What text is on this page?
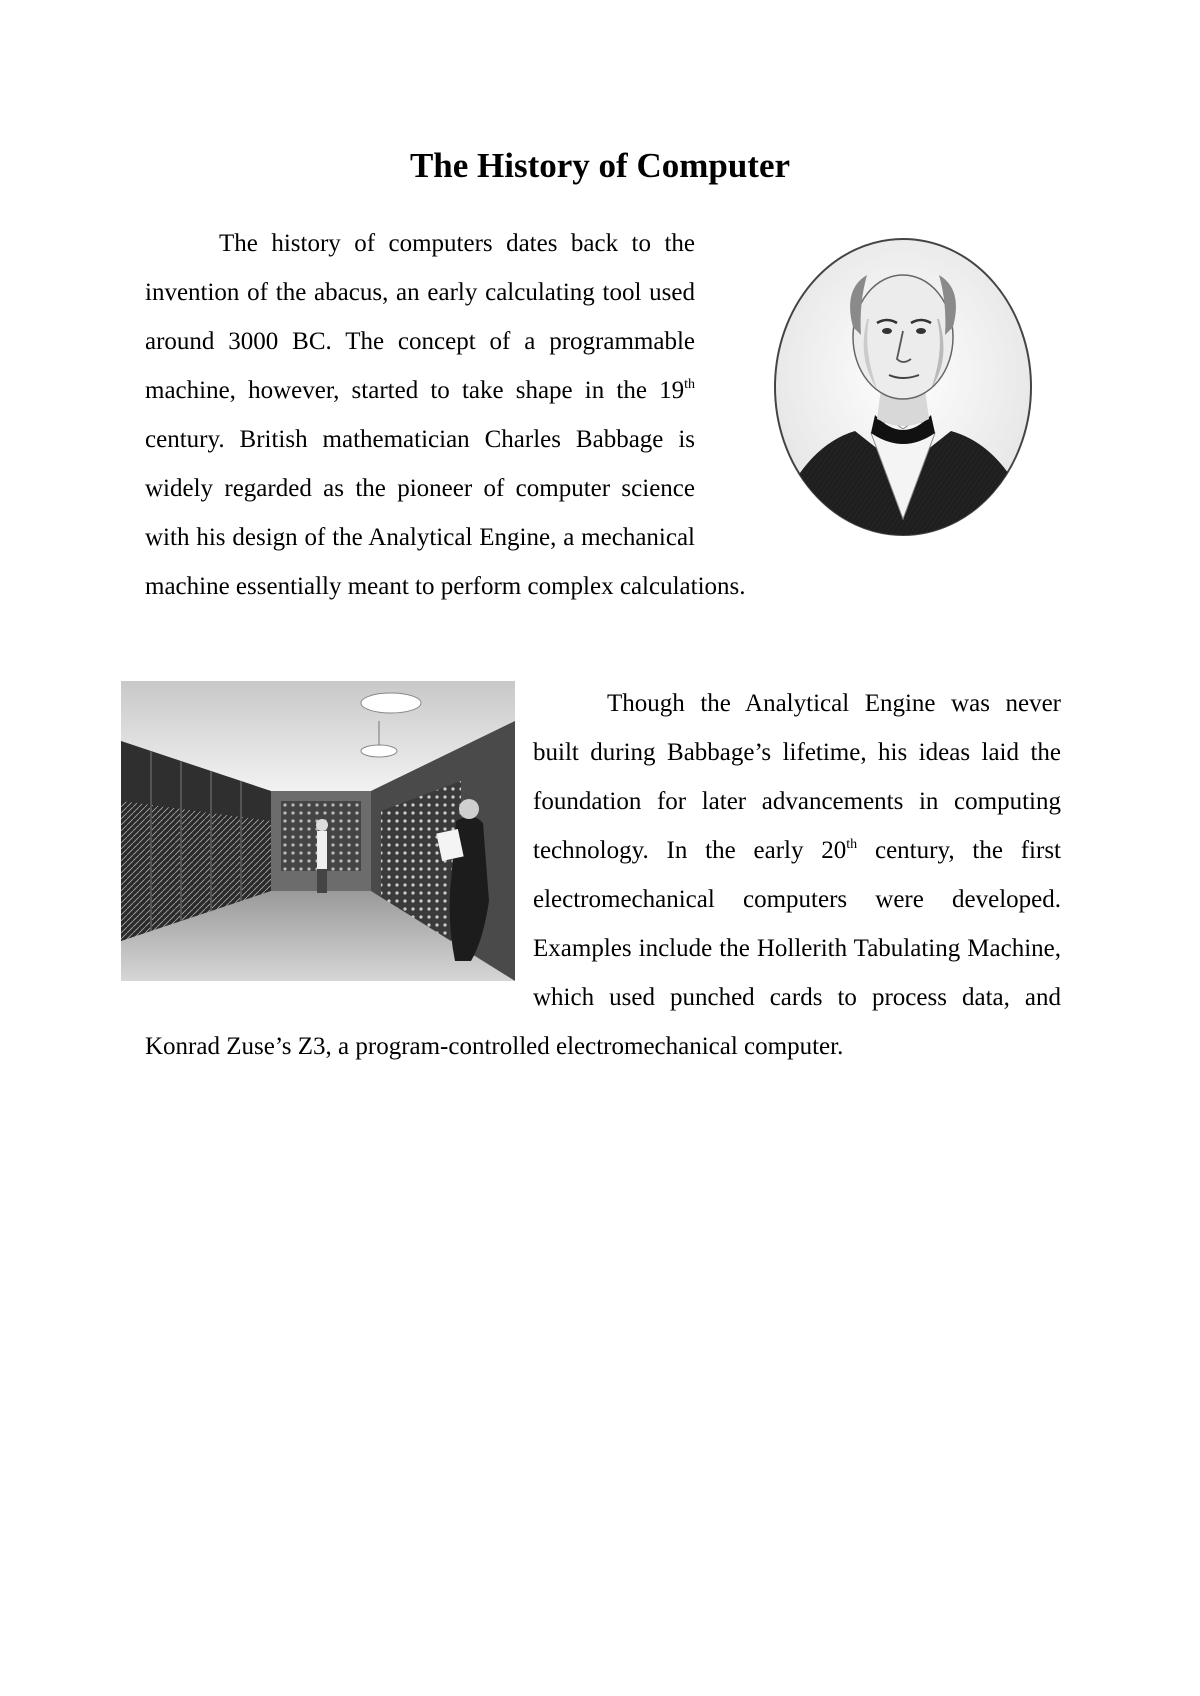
The History of Computer

The history of computers dates back to the invention of the abacus, an early calculating tool used around 3000 BC. The concept of a programmable machine, however, started to take shape in the 19th century. British mathematician Charles Babbage is widely regarded as the pioneer of computer science with his design of the Analytical Engine, a mechanical machine essentially meant to perform complex calculations.

Though the Analytical Engine was never built during Babbage’s lifetime, his ideas laid the foundation for later advancements in computing technology. In the early 20th century, the first electromechanical computers were developed. Examples include the Hollerith Tabulating Machine, which used punched cards to process data, and Konrad Zuse’s Z3, a program-controlled electromechanical computer.
